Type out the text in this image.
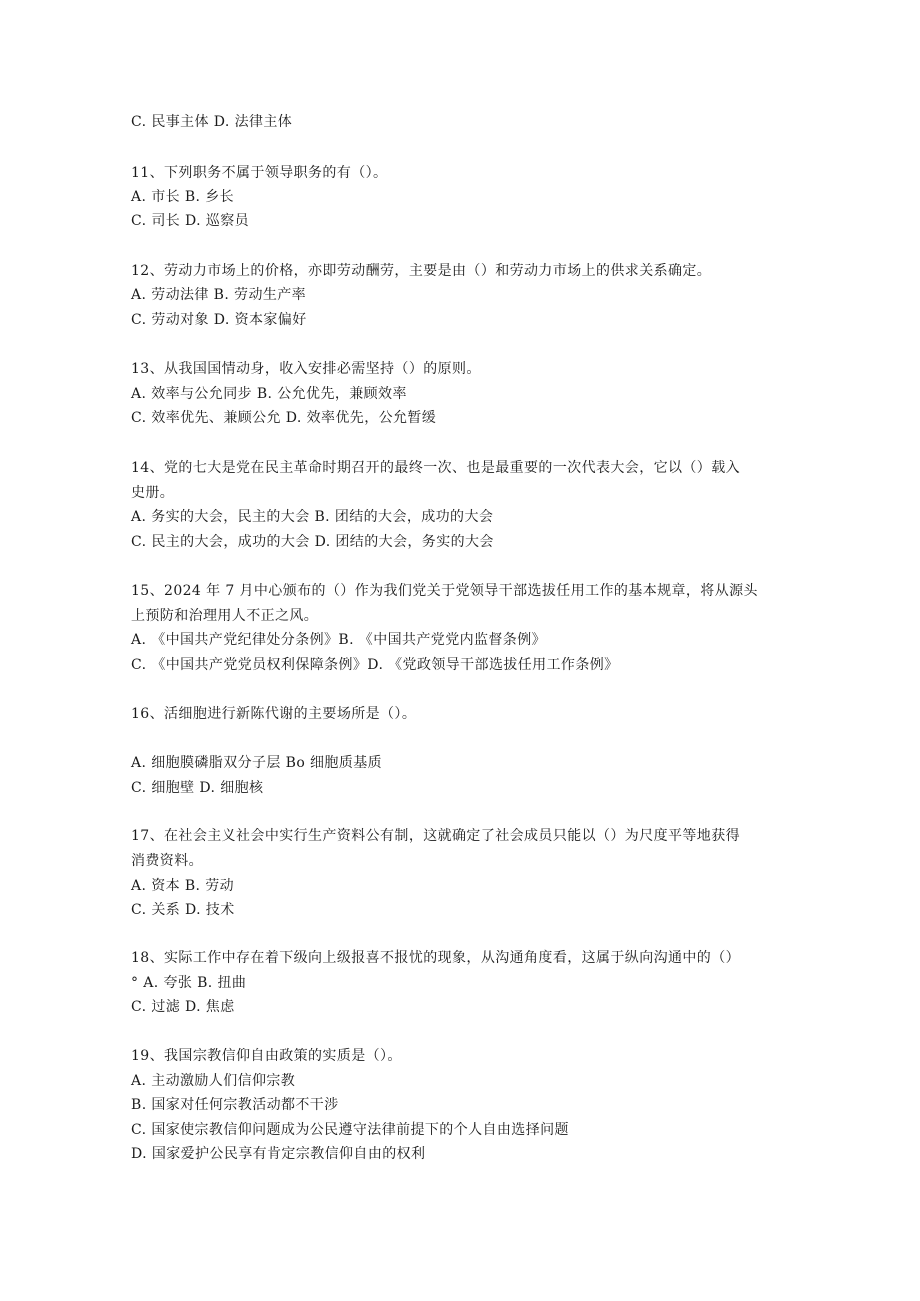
C. 民事主体 D. 法律主体
11、下列职务不属于领导职务的有（）。
A. 市长 B. 乡长
C. 司长 D. 巡察员
12、劳动力市场上的价格，亦即劳动酬劳，主要是由（）和劳动力市场上的供求关系确定。
A. 劳动法律 B. 劳动生产率
C. 劳动对象 D. 资本家偏好
13、从我国国情动身，收入安排必需坚持（）的原则。
A. 效率与公允同步 B. 公允优先，兼顾效率
C. 效率优先、兼顾公允 D. 效率优先，公允暂缓
14、党的七大是党在民主革命时期召开的最终一次、也是最重要的一次代表大会，它以（）载入
史册。
A. 务实的大会，民主的大会 B. 团结的大会，成功的大会
C. 民主的大会，成功的大会 D. 团结的大会，务实的大会
15、2024 年 7 月中心颁布的（）作为我们党关于党领导干部选拔任用工作的基本规章，将从源头
上预防和治理用人不正之风。
A. 《中国共产党纪律处分条例》B. 《中国共产党党内监督条例》
C. 《中国共产党党员权利保障条例》D. 《党政领导干部选拔任用工作条例》
16、活细胞进行新陈代谢的主要场所是（）。
A. 细胞膜磷脂双分子层 Bo 细胞质基质
C. 细胞壁 D. 细胞核
17、在社会主义社会中实行生产资料公有制，这就确定了社会成员只能以（）为尺度平等地获得
消费资料。
A. 资本 B. 劳动
C. 关系 D. 技术
18、实际工作中存在着下级向上级报喜不报忧的现象，从沟通角度看，这属于纵向沟通中的（）
° A. 夸张 B. 扭曲
C. 过滤 D. 焦虑
19、我国宗教信仰自由政策的实质是（）。
A. 主动激励人们信仰宗教
B. 国家对任何宗教活动都不干涉
C. 国家使宗教信仰问题成为公民遵守法律前提下的个人自由选择问题
D. 国家爱护公民享有肯定宗教信仰自由的权利
